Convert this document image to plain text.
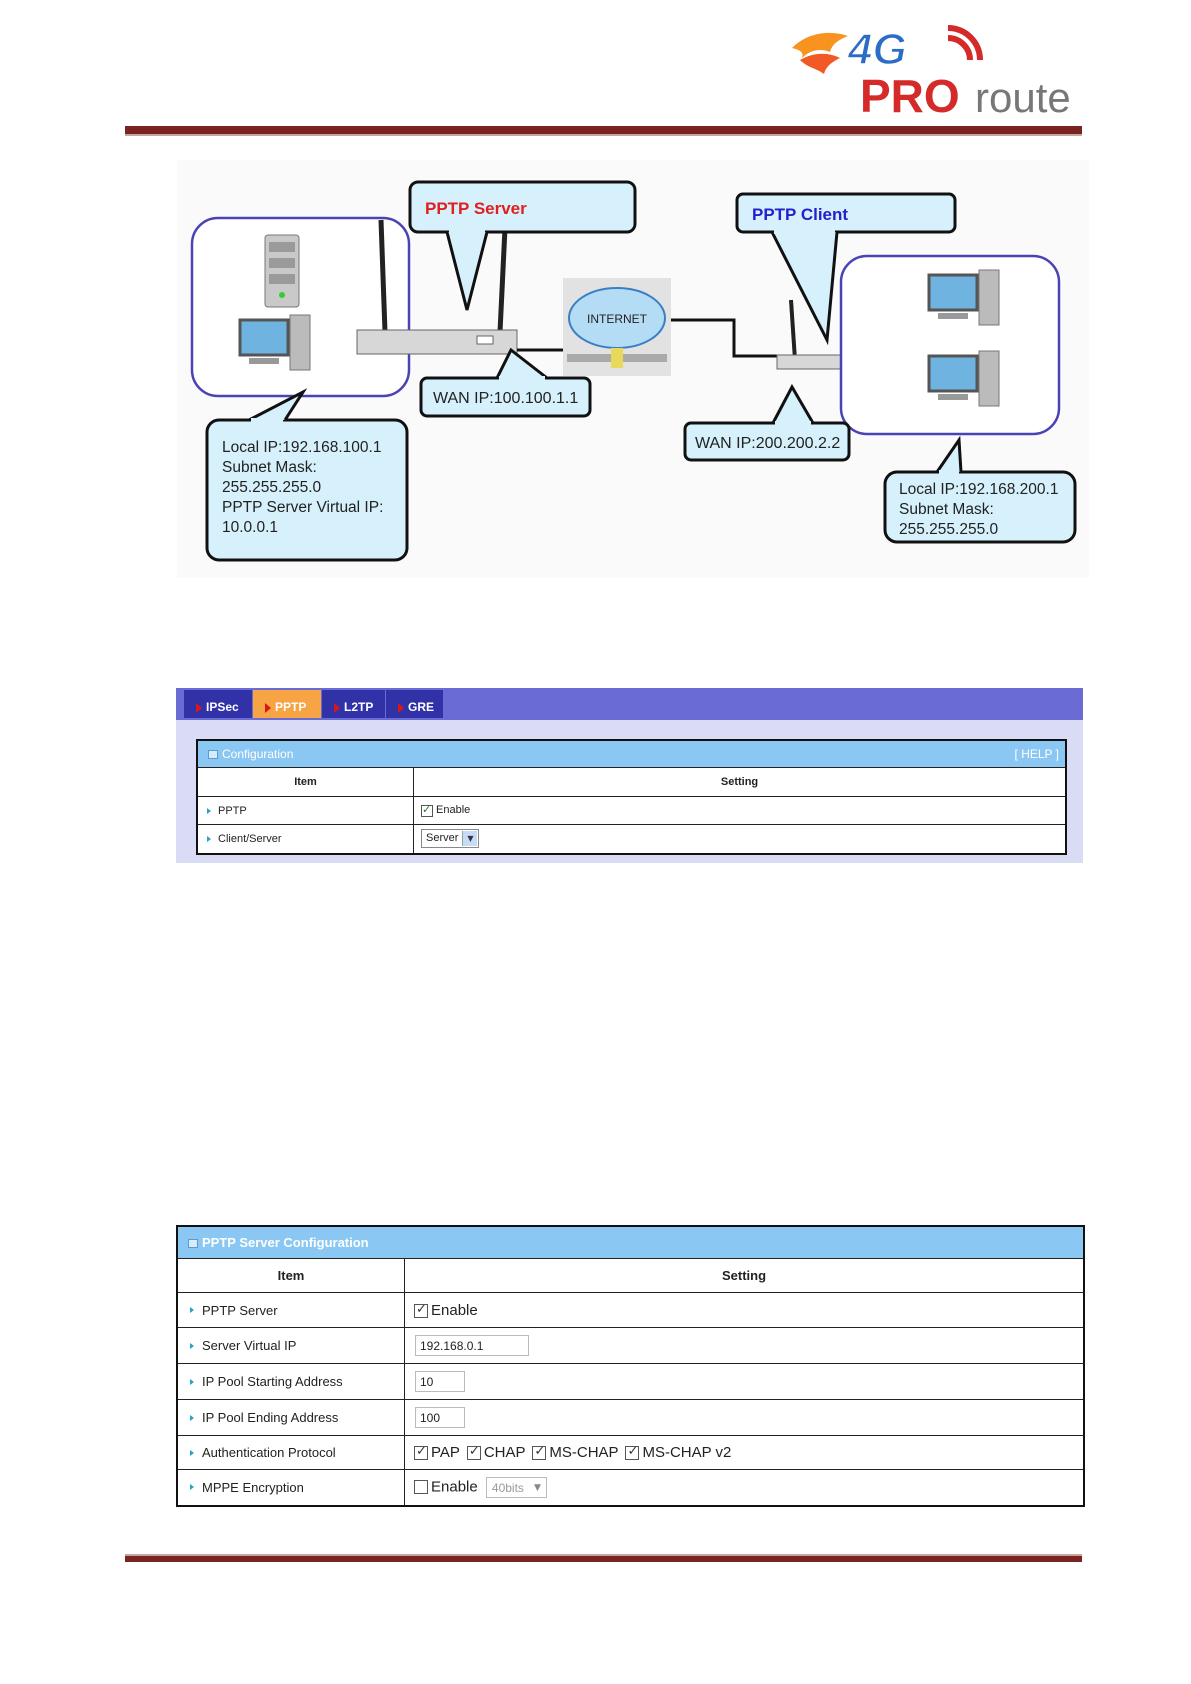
4G
PRO route
PPTP Server
INTERNET
WAN IP:100.100.1.1
Local IP:192.168.100.1 Subnet Mask: 255.255.255.0 PPTP Server Virtual IP: 10.0.0.1
PPTP Client
WAN IP:200.200.2.2
Local IP:192.168.200.1 Subnet Mask: 255.255.255.0
IPSec	PPTP	L2TP	GRE
Configuration	[ HELP ]
Item	Setting

PPTP	✓Enable

Client/Server	Server ▼
PPTP Server Configuration
Item	Setting

PPTP Server	✓Enable

Server Virtual IP	192.168.0.1

IP Pool Starting Address	10

IP Pool Ending Address	100

Authentication Protocol	✓PAP ✓ CHAP ✓ MS-CHAP ✓ MS-CHAP v2

MPPE Encryption	Enable 40bits ▼
